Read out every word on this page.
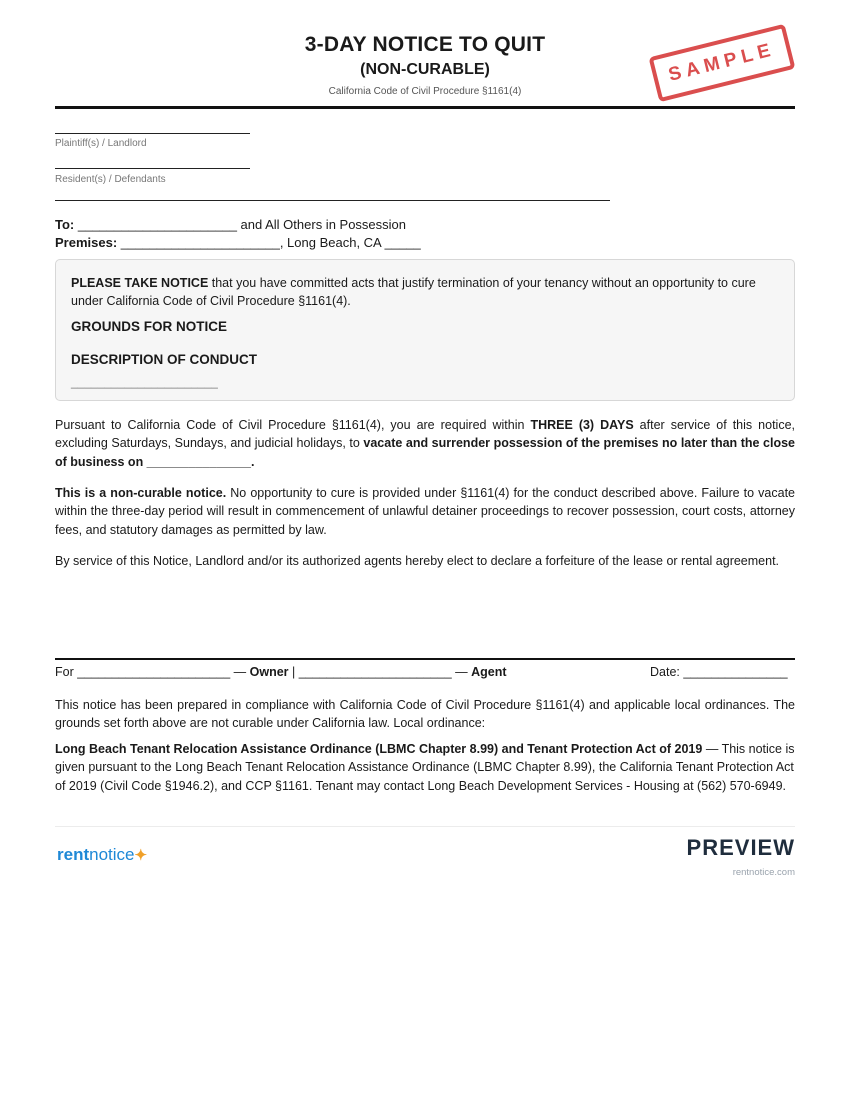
3-DAY NOTICE TO QUIT
(NON-CURABLE)
California Code of Civil Procedure §1161(4)
SAMPLE
Plaintiff(s) / Landlord
Resident(s) / Defendants
To: ______________________ and All Others in Possession
Premises: ______________________, Long Beach, CA _____

PLEASE TAKE NOTICE that you have committed acts that justify termination of your tenancy without an opportunity to cure under California Code of Civil Procedure §1161(4).

GROUNDS FOR NOTICE
DESCRIPTION OF CONDUCT
______________________

Pursuant to California Code of Civil Procedure §1161(4), you are required within THREE (3) DAYS after service of this notice, excluding Saturdays, Sundays, and judicial holidays, to vacate and surrender possession of the premises no later than the close of business on _______________.

This is a non-curable notice. No opportunity to cure is provided under §1161(4) for the conduct described above. Failure to vacate within the three-day period will result in commencement of unlawful detainer proceedings to recover possession, court costs, attorney fees, and statutory damages as permitted by law.

By service of this Notice, Landlord and/or its authorized agents hereby elect to declare a forfeiture of the lease or rental agreement.

For ______________________ — Owner | ______________________ — Agent	Date: _______________

This notice has been prepared in compliance with California Code of Civil Procedure §1161(4) and applicable local ordinances. The grounds set forth above are not curable under California law. Local ordinance:

Long Beach Tenant Relocation Assistance Ordinance (LBMC Chapter 8.99) and Tenant Protection Act of 2019 — This notice is given pursuant to the Long Beach Tenant Relocation Assistance Ordinance (LBMC Chapter 8.99), the California Tenant Protection Act of 2019 (Civil Code §1946.2), and CCP §1161. Tenant may contact Long Beach Development Services - Housing at (562) 570-6949.

rentnotice✦	PREVIEW
rentnotice.com
